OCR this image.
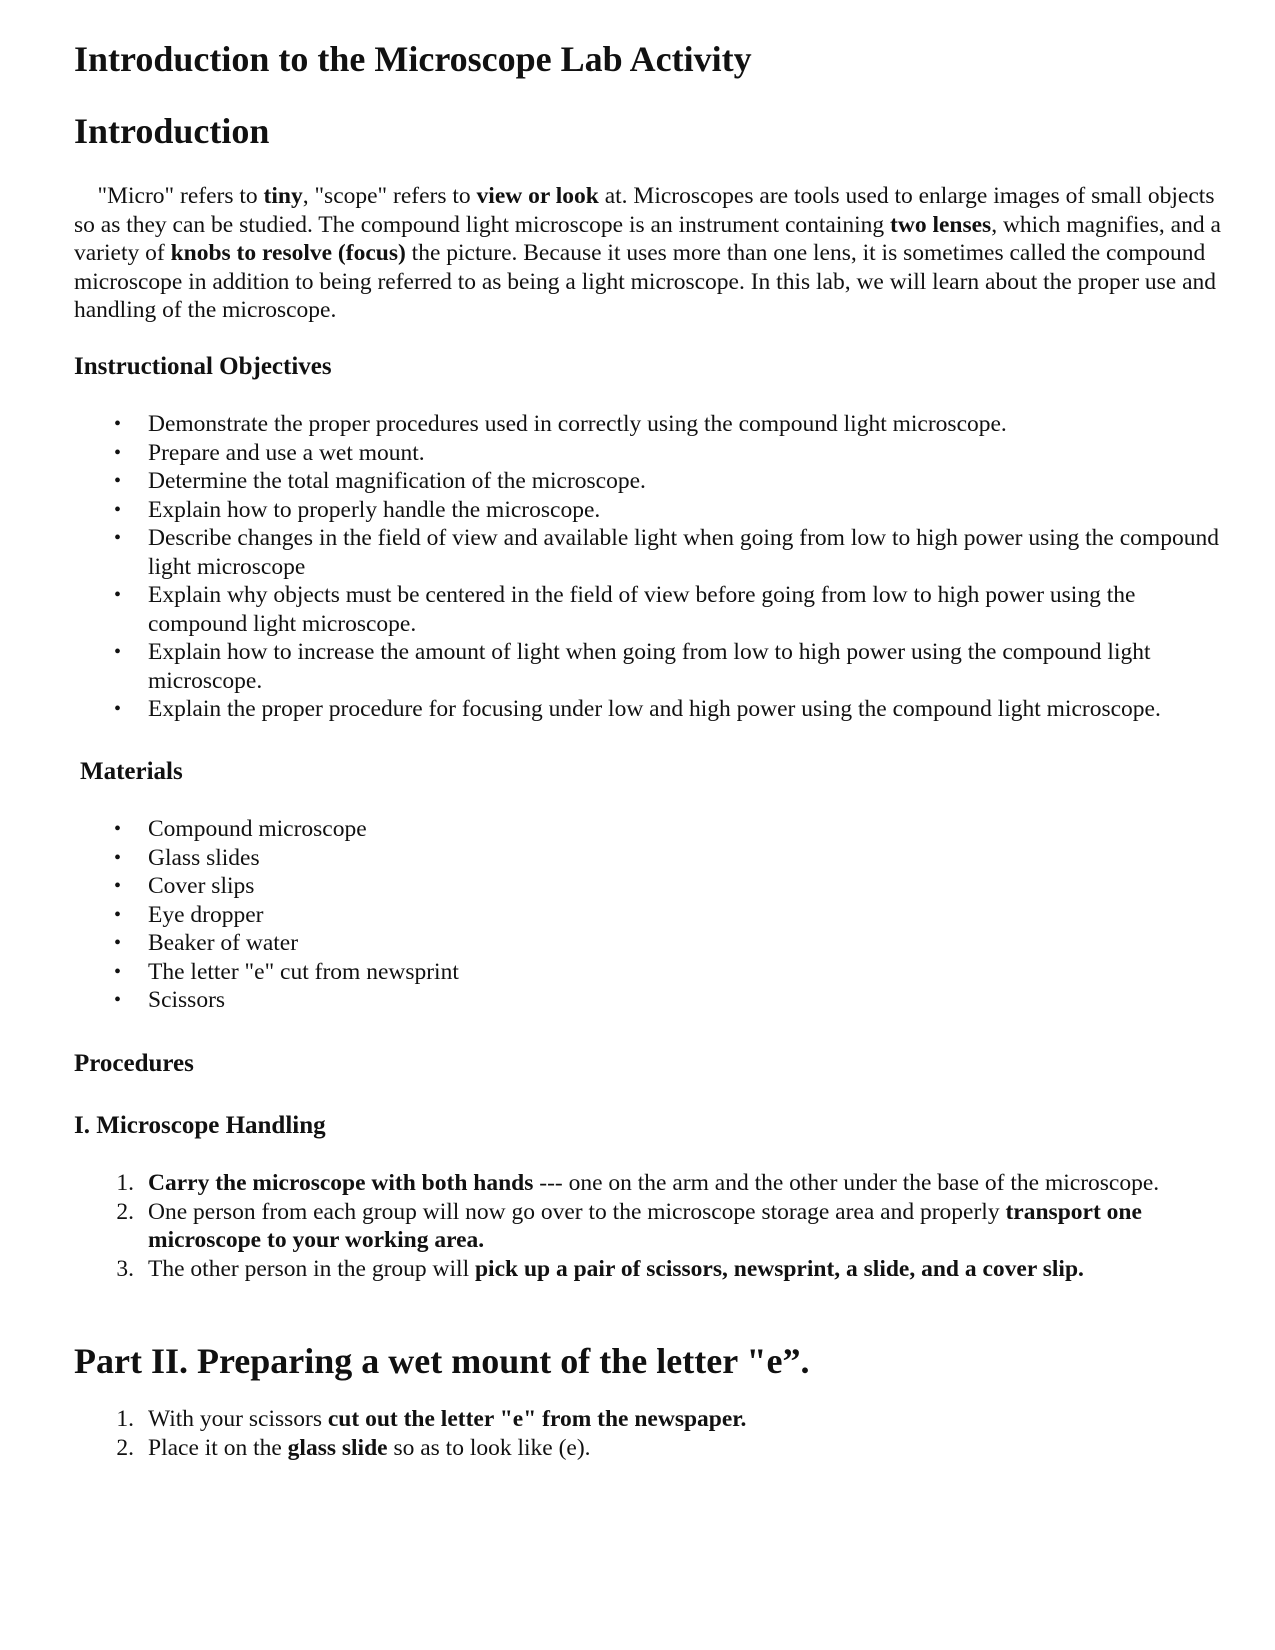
Introduction to the Microscope Lab Activity
Introduction

"Micro" refers to tiny, "scope" refers to view or look at. Microscopes are tools used to enlarge images of small objects so as they can be studied. The compound light microscope is an instrument containing two lenses, which magnifies, and a variety of knobs to resolve (focus) the picture. Because it uses more than one lens, it is sometimes called the compound microscope in addition to being referred to as being a light microscope. In this lab, we will learn about the proper use and handling of the microscope.

Instructional Objectives
•	Demonstrate the proper procedures used in correctly using the compound light microscope.
•	Prepare and use a wet mount.
•	Determine the total magnification of the microscope.
•	Explain how to properly handle the microscope.
•	Describe changes in the field of view and available light when going from low to high power using the compound light microscope
•	Explain why objects must be centered in the field of view before going from low to high power using the compound light microscope.
•	Explain how to increase the amount of light when going from low to high power using the compound light microscope.
•	Explain the proper procedure for focusing under low and high power using the compound light microscope.
Materials
•	Compound microscope
•	Glass slides
•	Cover slips
•	Eye dropper
•	Beaker of water
•	The letter "e" cut from newsprint
•	Scissors
Procedures
I. Microscope Handling
1. Carry the microscope with both hands --- one on the arm and the other under the base of the microscope.
2. One person from each group will now go over to the microscope storage area and properly transport one microscope to your working area.
3. The other person in the group will pick up a pair of scissors, newsprint, a slide, and a cover slip.
Part II. Preparing a wet mount of the letter "e”.
1. With your scissors cut out the letter "e" from the newspaper.
2. Place it on the glass slide so as to look like (e).
